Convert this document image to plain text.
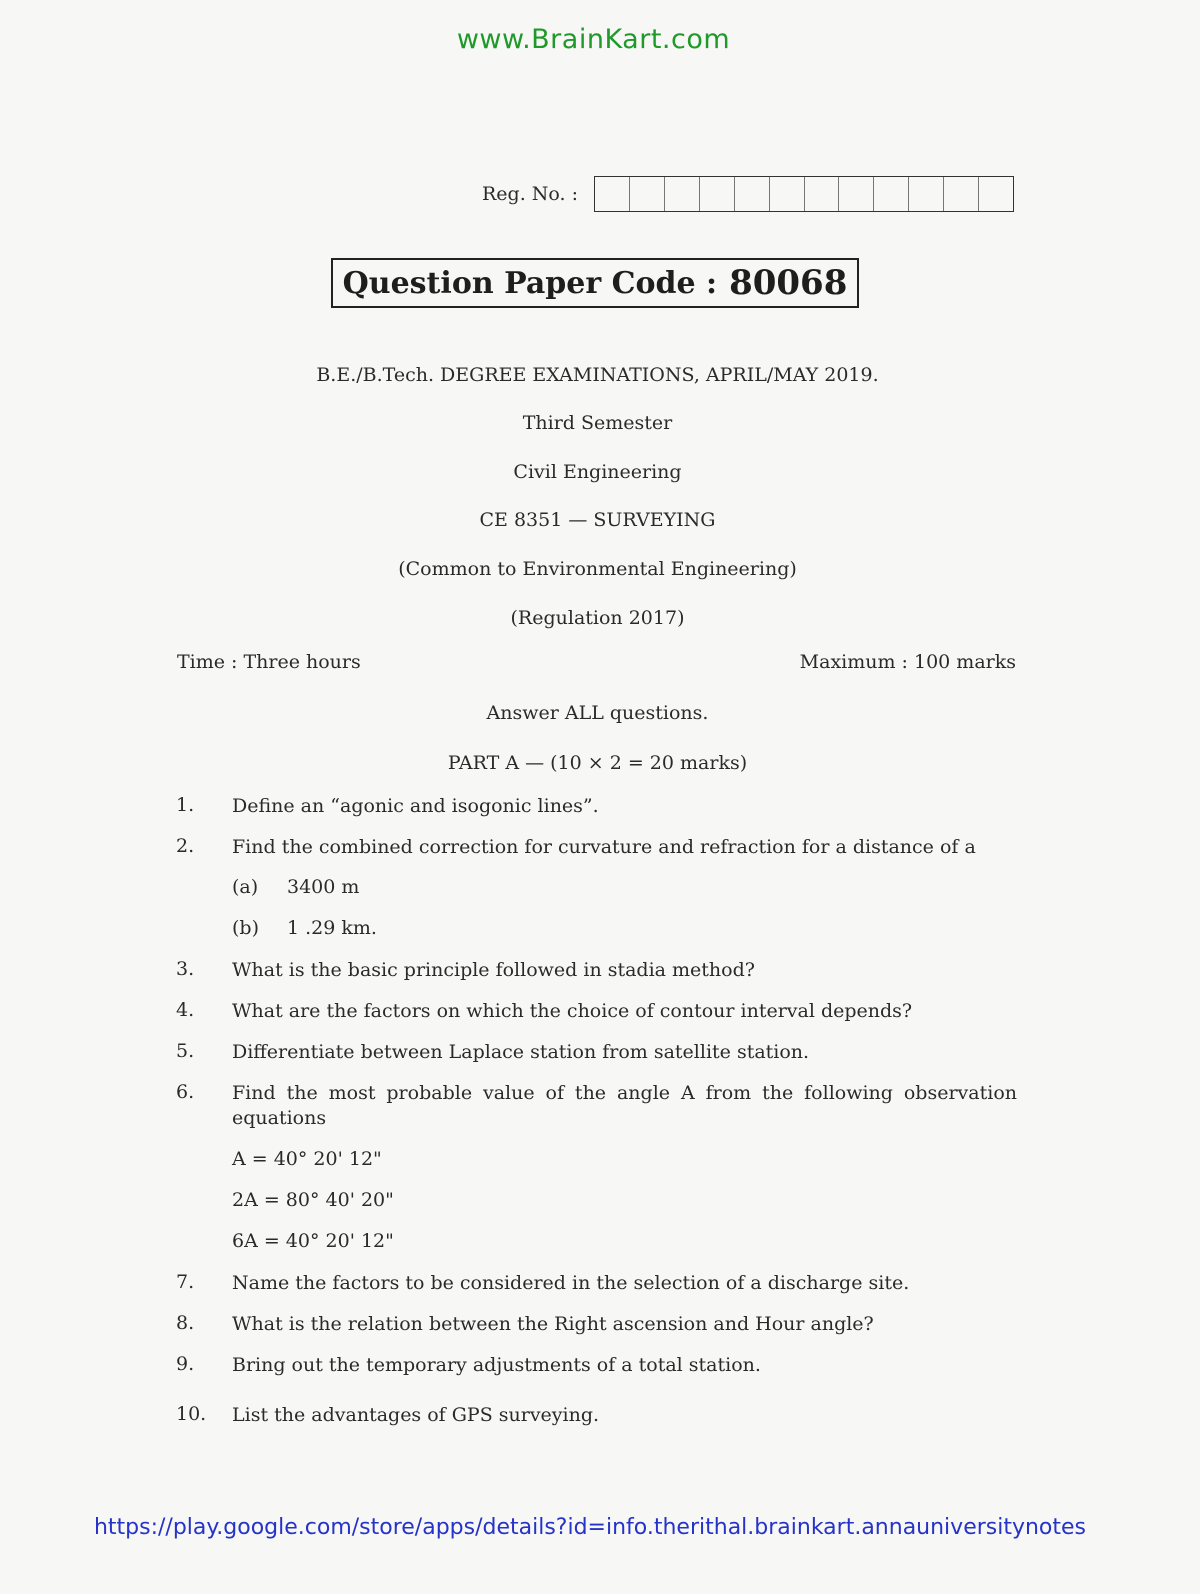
www.BrainKart.com
Reg. No. :
Question Paper Code : 80068
B.E./B.Tech. DEGREE EXAMINATIONS, APRIL/MAY 2019.
Third Semester
Civil Engineering
CE 8351 — SURVEYING
(Common to Environmental Engineering)
(Regulation 2017)
Time : Three hours	Maximum : 100 marks
Answer ALL questions.
PART A — (10 × 2 = 20 marks)
1.	Define an “agonic and isogonic lines”.
2.	Find the combined correction for curvature and refraction for a distance of a
(a) 3400 m
(b) 1 .29 km.
3.	What is the basic principle followed in stadia method?
4.	What are the factors on which the choice of contour interval depends?
5.	Differentiate between Laplace station from satellite station.
6.	Find the most probable value of the angle A from the following observation equations
A = 40° 20' 12"
2A = 80° 40' 20"
6A = 40° 20' 12"
7.	Name the factors to be considered in the selection of a discharge site.
8.	What is the relation between the Right ascension and Hour angle?
9.	Bring out the temporary adjustments of a total station.
10.	List the advantages of GPS surveying.
https://play.google.com/store/apps/details?id=info.therithal.brainkart.annauniversitynotes
